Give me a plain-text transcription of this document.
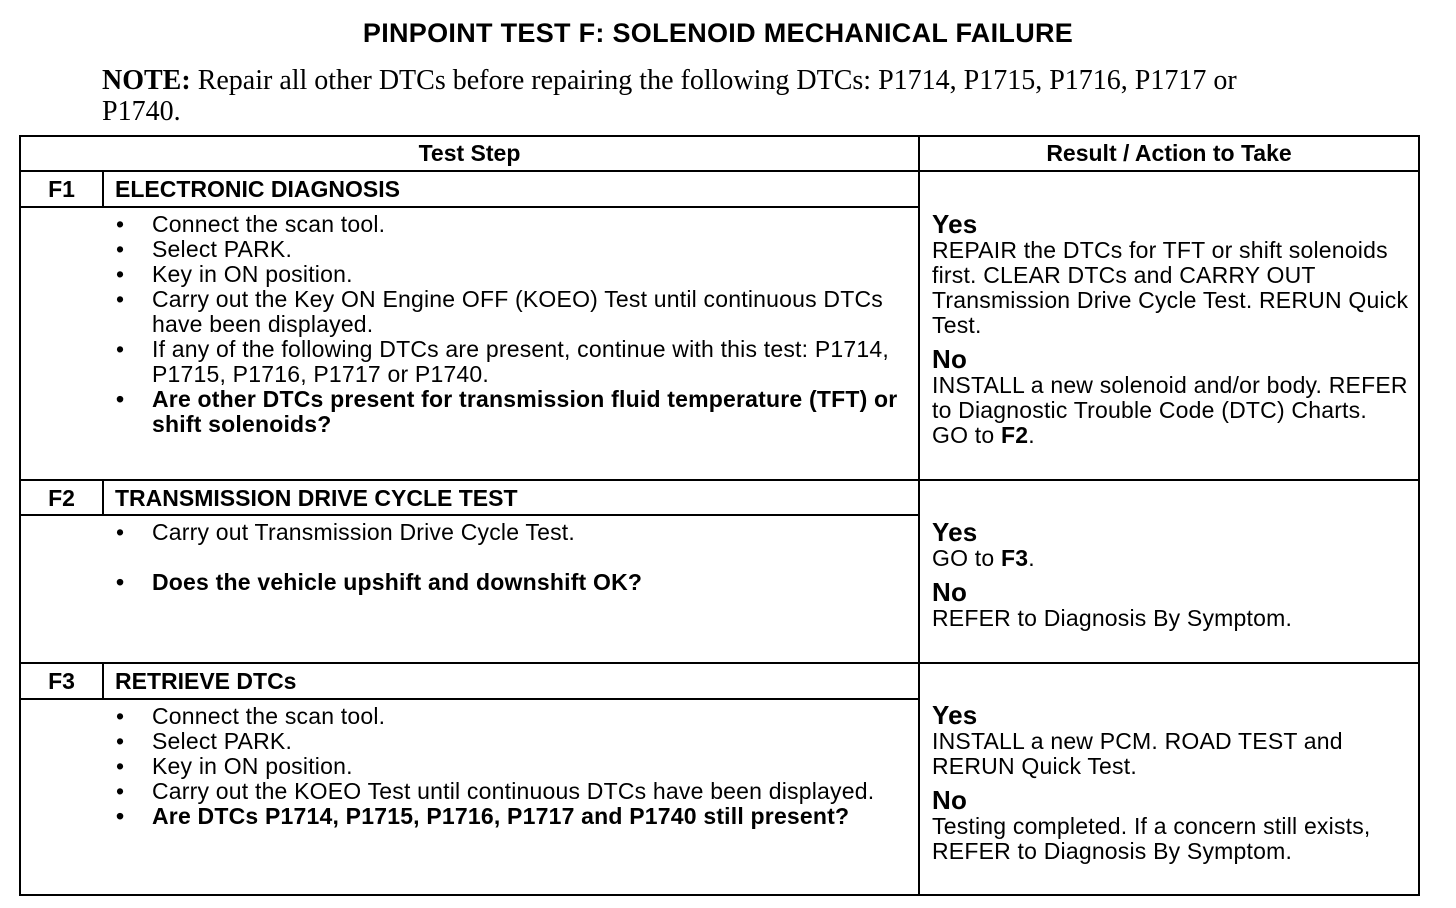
PINPOINT TEST F: SOLENOID MECHANICAL FAILURE
NOTE: Repair all other DTCs before repairing the following DTCs: P1714, P1715, P1716, P1717 or P1740.
Test Step	Result / Action to Take
F1	ELECTRONIC DIAGNOSIS
• Connect the scan tool.
• Select PARK.
• Key in ON position.
• Carry out the Key ON Engine OFF (KOEO) Test until continuous DTCs have been displayed.
• If any of the following DTCs are present, continue with this test: P1714, P1715, P1716, P1717 or P1740.
• Are other DTCs present for transmission fluid temperature (TFT) or shift solenoids?
Yes
REPAIR the DTCs for TFT or shift solenoids first. CLEAR DTCs and CARRY OUT Transmission Drive Cycle Test. RERUN Quick Test.
No
INSTALL a new solenoid and/or body. REFER to Diagnostic Trouble Code (DTC) Charts.
GO to F2.
F2	TRANSMISSION DRIVE CYCLE TEST
• Carry out Transmission Drive Cycle Test.
• Does the vehicle upshift and downshift OK?
Yes
GO to F3.
No
REFER to Diagnosis By Symptom.
F3	RETRIEVE DTCs
• Connect the scan tool.
• Select PARK.
• Key in ON position.
• Carry out the KOEO Test until continuous DTCs have been displayed.
• Are DTCs P1714, P1715, P1716, P1717 and P1740 still present?
Yes
INSTALL a new PCM. ROAD TEST and RERUN Quick Test.
No
Testing completed. If a concern still exists, REFER to Diagnosis By Symptom.
